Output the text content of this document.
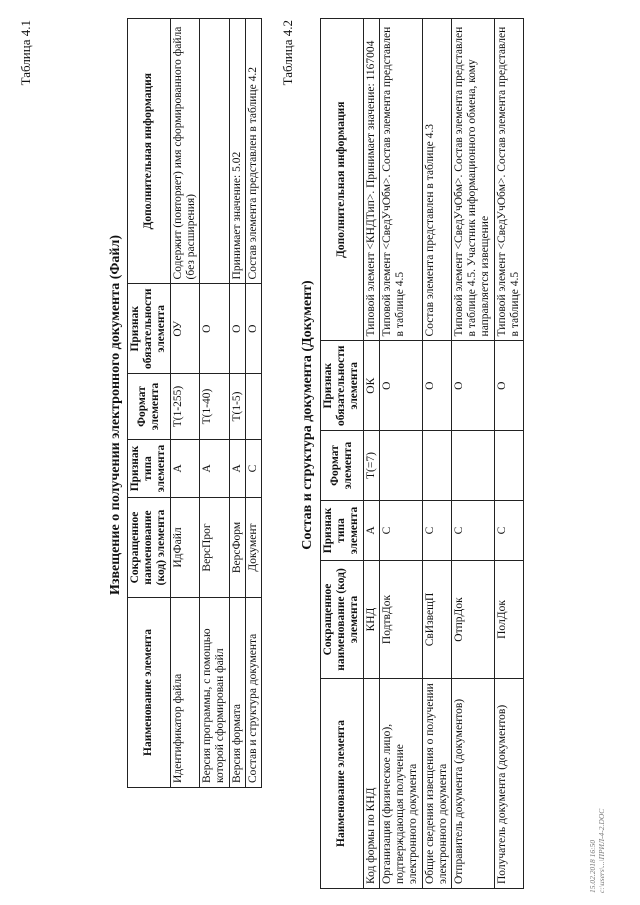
Таблица 4.1
Извещение о получении электронного документа (Файл)
Наименование элемента	Сокращенное наименование (код) элемента	Признак типа элемента	Формат элемента	Признак обязательности элемента	Дополнительная информация
Идентификатор файла	ИдФайл	А	T(1-255)	ОУ	Содержит (повторяет) имя сформированного файла (без расширения)
Версия программы, с помощью которой сформирован файл	ВерсПрог	А	T(1-40)	О	
Версия формата	ВерсФорм	А	T(1-5)	О	Принимает значение: 5.02
Состав и структура документа	Документ	С		О	Состав элемента представлен в таблице 4.2
Таблица 4.2
Состав и структура документа (Документ)
Наименование элемента	Сокращенное наименование (код) элемента	Признак типа элемента	Формат элемента	Признак обязательности элемента	Дополнительная информация
Код формы по КНД	КНД	А	T(=7)	ОК	Типовой элемент <КНДТип>. Принимает значение: 1167004
Организация (физическое лицо), подтверждающая получение электронного документа	ПодтвДок	С		О	Типовой элемент <СведУчОбм>. Состав элемента представлен в таблице 4.5
Общие сведения извещения о получении электронного документа	СвИзвещП	С		О	Состав элемента представлен в таблице 4.3
Отправитель документа (документов)	ОтпрДок	С		О	Типовой элемент <СведУчОбм>. Состав элемента представлен в таблице 4.5. Участник информационного обмена, кому направляется извещение
Получатель документа (документов)	ПолДок	С		О	Типовой элемент <СведУчОбм>. Состав элемента представлен в таблице 4.5
15.02.2018 16:50 c:\users\...\ПРИЛ-4-2.DOC
